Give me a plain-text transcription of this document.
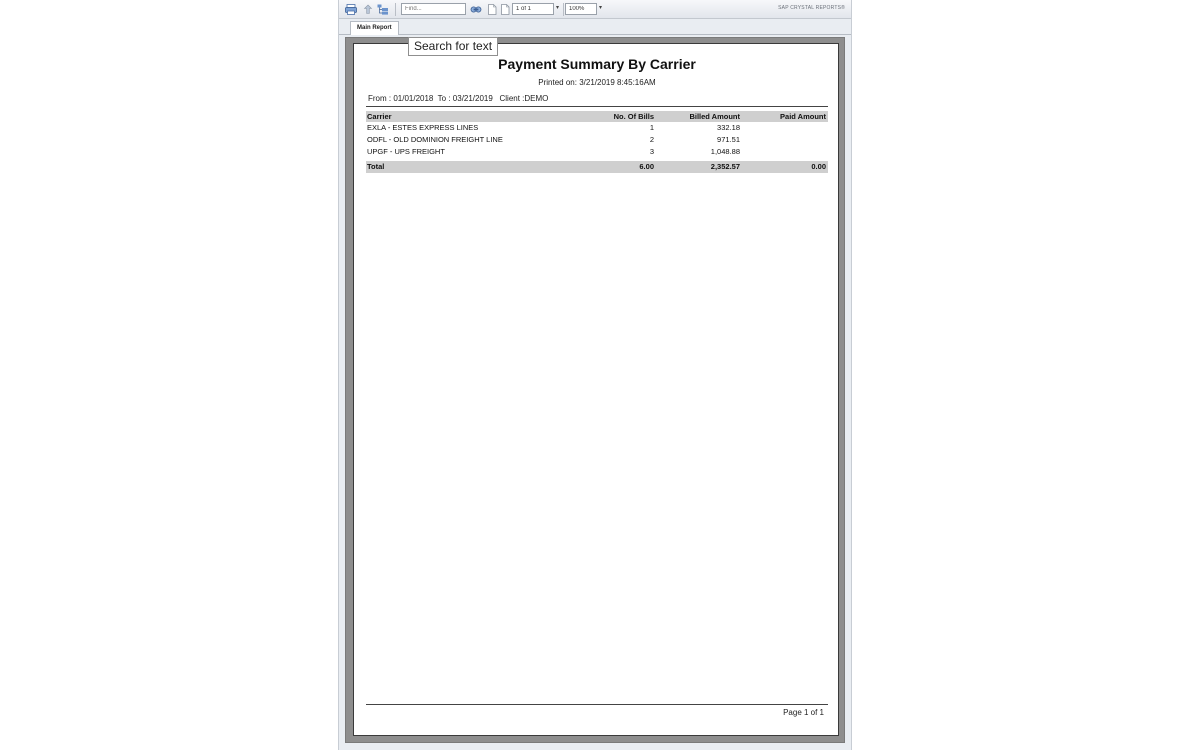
Find...
1 of 1
▾
100%	▾	SAP CRYSTAL REPORTS®
Main Report
Search for text
Payment Summary By Carrier
Printed on: 3/21/2019 8:45:16AM
From : 01/01/2018  To : 03/21/2019   Client :DEMO
Carrier	No. Of Bills	Billed Amount	Paid Amount
EXLA - ESTES EXPRESS LINES	1	332.18
ODFL - OLD DOMINION FREIGHT LINE	2	971.51
UPGF - UPS FREIGHT	3	1,048.88
Total	6.00	2,352.57	0.00
Page 1 of 1
